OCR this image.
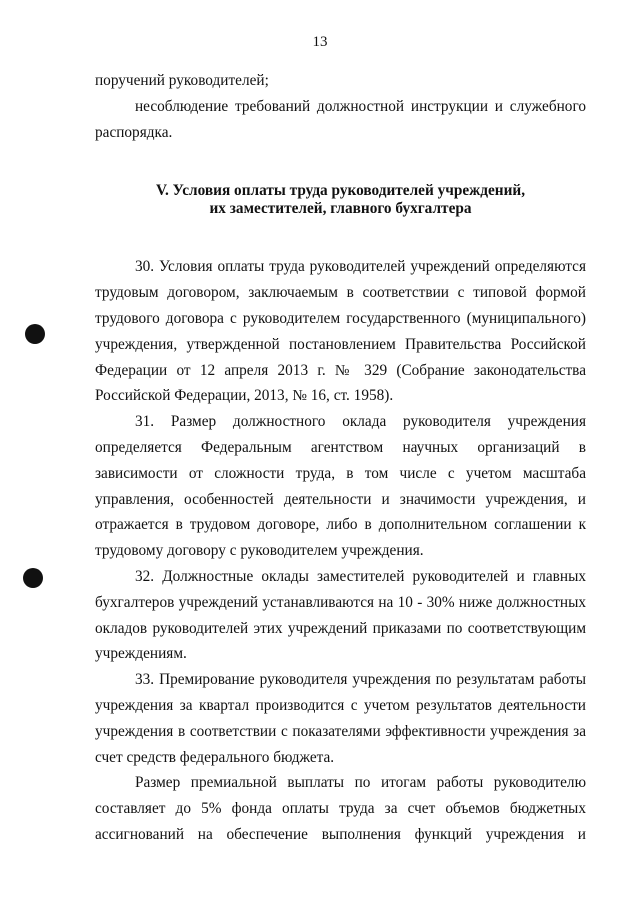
13

поручений руководителей;

несоблюдение требований должностной инструкции и служебного распорядка.

V. Условия оплаты труда руководителей учреждений,
их заместителей, главного бухгалтера

30. Условия оплаты труда руководителей учреждений определяются трудовым договором, заключаемым в соответствии с типовой формой трудового договора с руководителем государственного (муниципального) учреждения, утвержденной постановлением Правительства Российской Федерации от 12 апреля 2013 г. № 329 (Собрание законодательства Российской Федерации, 2013, № 16, ст. 1958).

31. Размер должностного оклада руководителя учреждения определяется Федеральным агентством научных организаций в зависимости от сложности труда, в том числе с учетом масштаба управления, особенностей деятельности и значимости учреждения, и отражается в трудовом договоре, либо в дополнительном соглашении к трудовому договору с руководителем учреждения.

32. Должностные оклады заместителей руководителей и главных бухгалтеров учреждений устанавливаются на 10 - 30% ниже должностных окладов руководителей этих учреждений приказами по соответствующим учреждениям.

33. Премирование руководителя учреждения по результатам работы учреждения за квартал производится с учетом результатов деятельности учреждения в соответствии с показателями эффективности учреждения за счет средств федерального бюджета.

Размер премиальной выплаты по итогам работы руководителю составляет до 5% фонда оплаты труда за счет объемов бюджетных ассигнований на обеспечение выполнения функций учреждения и
